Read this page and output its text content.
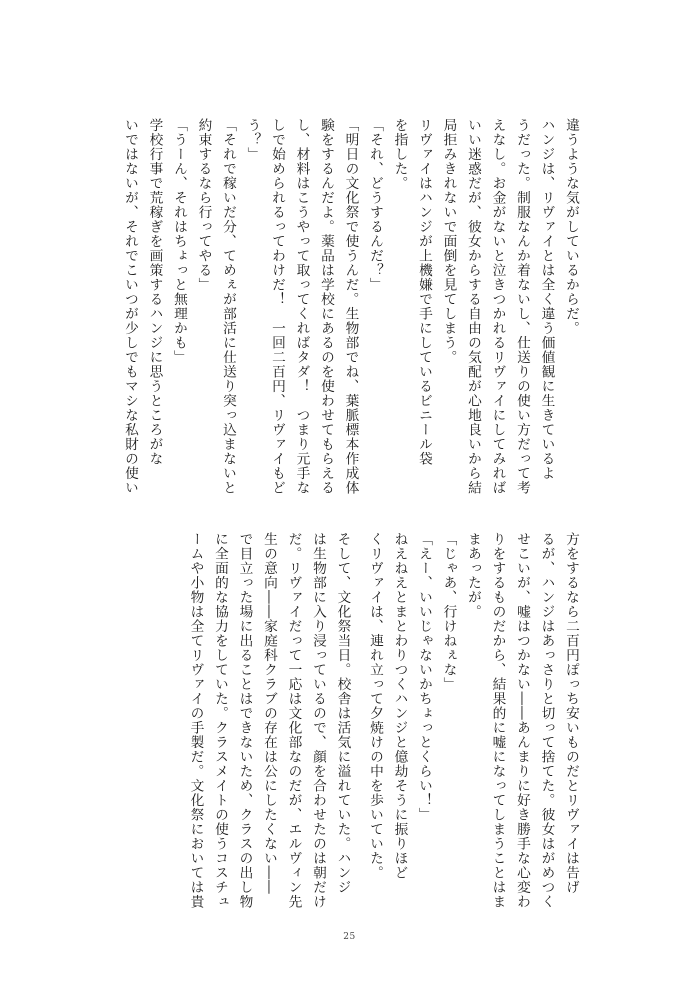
違うような気がしているからだ。
ハンジは、リヴァイとは全く違う価値観に生きているよ
うだった。制服なんか着ないし、仕送りの使い方だって考
えなし。お金がないと泣きつかれるリヴァイにしてみれば
いい迷惑だが、彼女からする自由の気配が心地良いから結
局拒みきれないで面倒を見てしまう。
リヴァイはハンジが上機嫌で手にしているビニール袋
を指した。
「それ、どうするんだ？」
「明日の文化祭で使うんだ。生物部でね、葉脈標本作成体
験をするんだよ。薬品は学校にあるのを使わせてもらえる
し、材料はこうやって取ってくればタダ！　つまり元手な
しで始められるってわけだ！　一回二百円、リヴァイもど
う？」
「それで稼いだ分、てめぇが部活に仕送り突っ込まないと
約束するなら行ってやる」
「うーん、それはちょっと無理かも」
学校行事で荒稼ぎを画策するハンジに思うところがな
いではないが、それでこいつが少しでもマシな私財の使い
方をするなら二百円ぽっち安いものだとリヴァイは告げ
るが、ハンジはあっさりと切って捨てた。彼女はがめつく
せこいが、嘘はつかない――あんまりに好き勝手な心変わ
りをするものだから、結果的に嘘になってしまうことはま
まあったが。
「じゃあ、行けねぇな」
「えー、いいじゃないかちょっとくらい！」
ねえねえとまとわりつくハンジと億劫そうに振りほど
くリヴァイは、連れ立って夕焼けの中を歩いていた。
そして、文化祭当日。校舎は活気に溢れていた。ハンジ
は生物部に入り浸っているので、顔を合わせたのは朝だけ
だ。リヴァイだって一応は文化部なのだが、エルヴィン先
生の意向――家庭科クラブの存在は公にしたくない――
で目立った場に出ることはできないため、クラスの出し物
に全面的な協力をしていた。クラスメイトの使うコスチュ
ームや小物は全てリヴァイの手製だ。文化祭においては貴
25
